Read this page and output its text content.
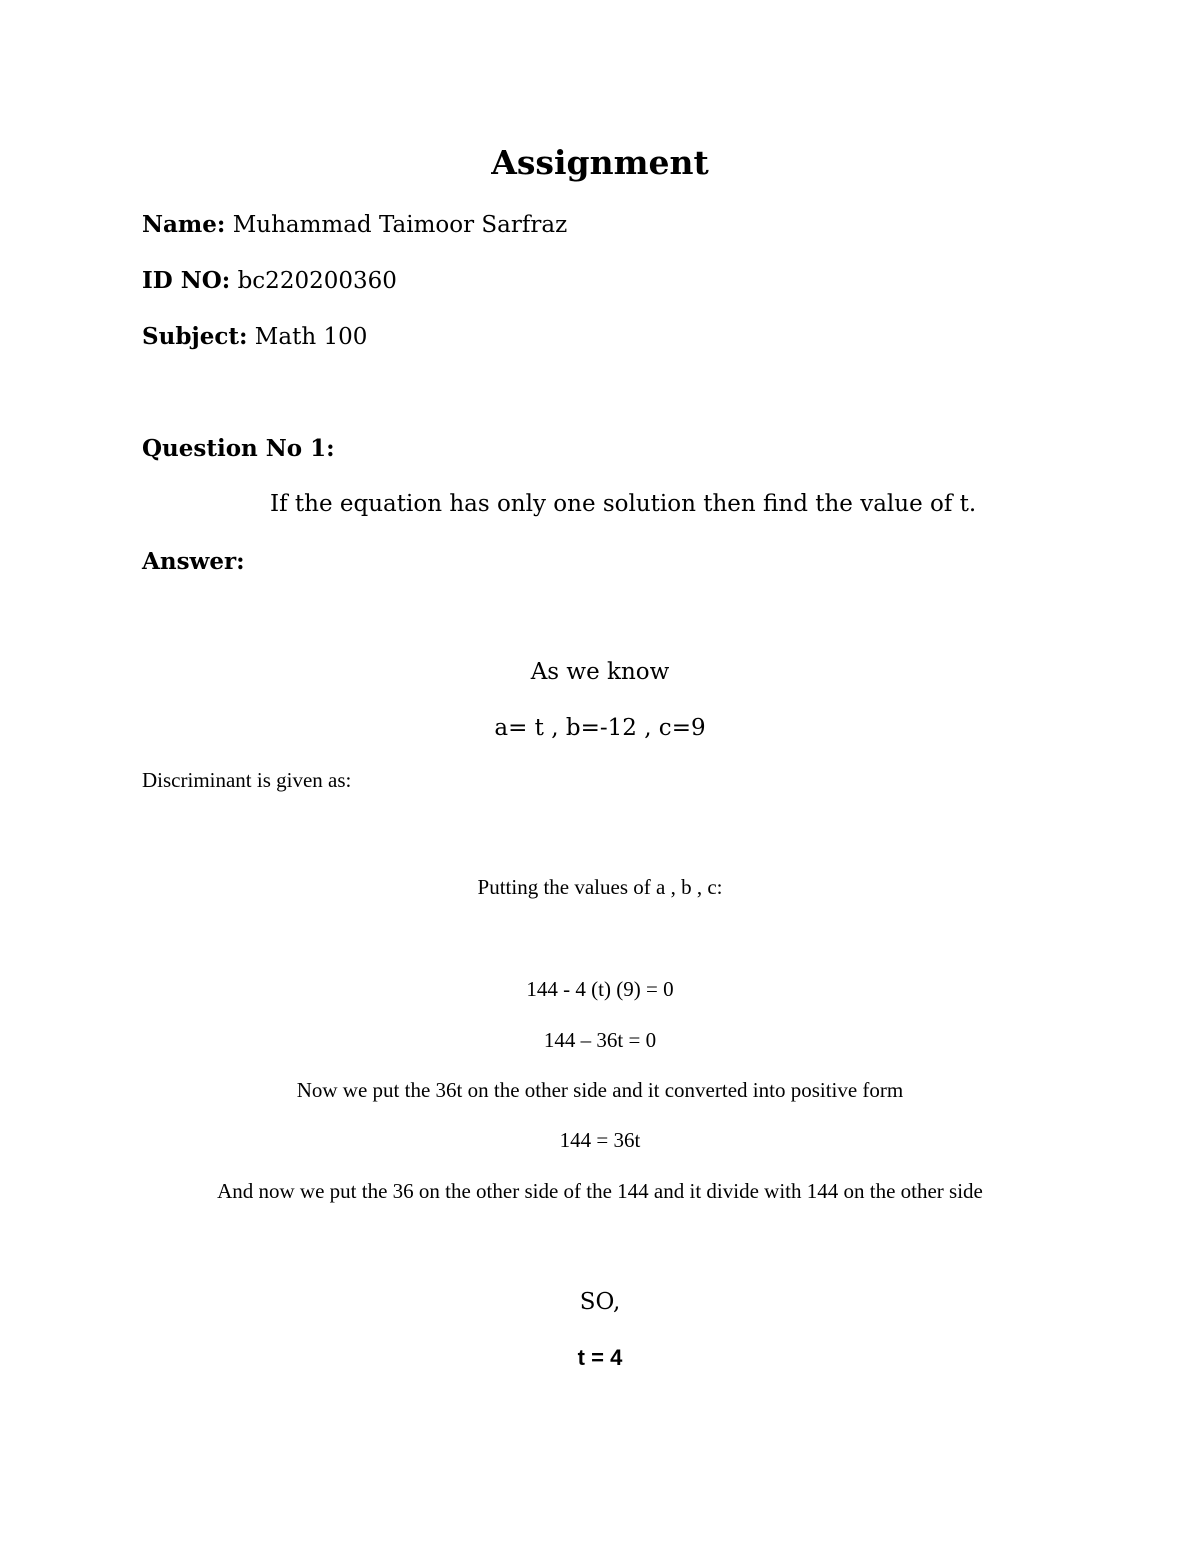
Assignment
Name: Muhammad Taimoor Sarfraz
ID NO: bc220200360
Subject: Math 100
Question No 1:
If the equation has only one solution then find the value of t.
Answer:
As we know
a= t , b=-12 , c=9
Discriminant is given as:
Putting the values of a , b , c:
144 - 4 (t) (9) = 0
144 – 36t = 0
Now we put the 36t on the other side and it converted into positive form
144 = 36t
And now we put the 36 on the other side of the 144 and it divide with 144 on the other side
SO,
t = 4
